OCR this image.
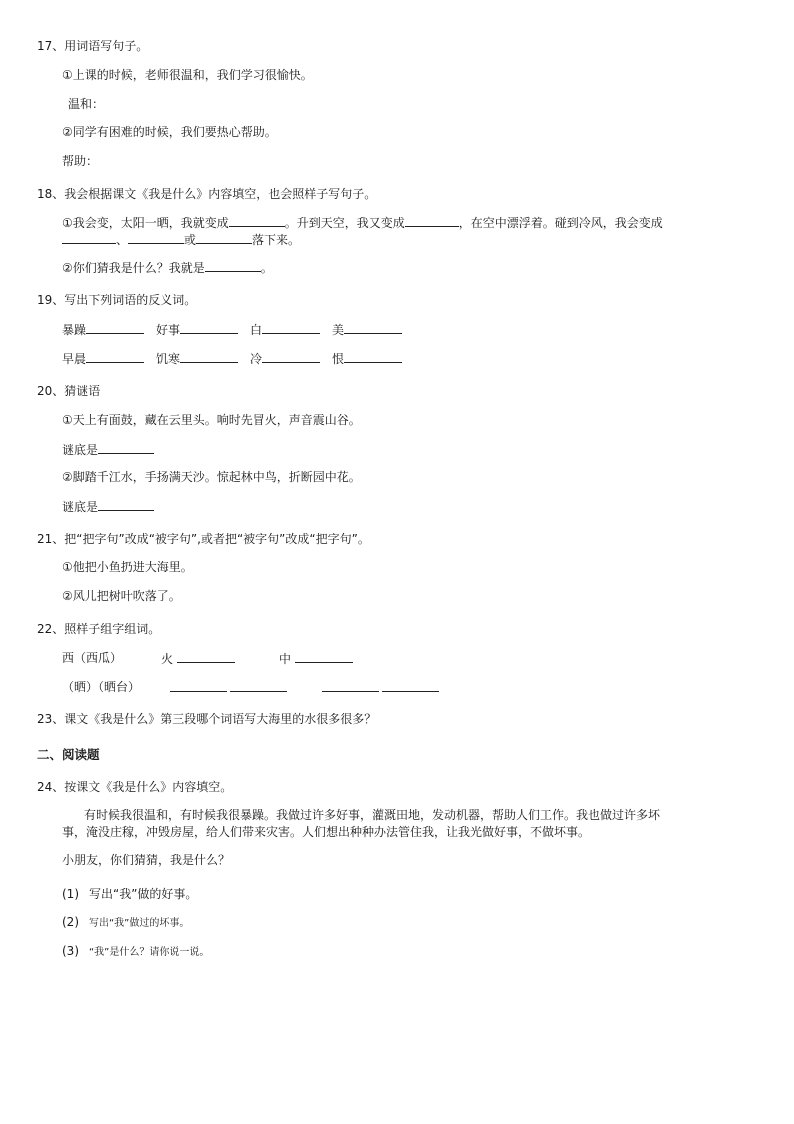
17、用词语写句子。
①上课的时候，老师很温和，我们学习很愉快。
温和：
②同学有困难的时候，我们要热心帮助。
帮助：
18、我会根据课文《我是什么》内容填空，也会照样子写句子。
①我会变，太阳一晒，我就变成	。升到天空，我又变成	，在空中漂浮着。碰到冷风，我会变成
、	或	落下来。
②你们猜我是什么？我就是	。
19、写出下列词语的反义词。
暴躁	好事	白	美
早晨	饥寒	冷	恨
20、猜谜语
①天上有面鼓，藏在云里头。响时先冒火，声音震山谷。
谜底是
②脚踏千江水，手扬满天沙。惊起林中鸟，折断园中花。
谜底是
21、把“把字句”改成“被字句”,或者把“被字句”改成“把字句”。
①他把小鱼扔进大海里。
②风儿把树叶吹落了。
22、照样子组字组词。
西（西瓜）	火	中
（晒）（晒台）
23、课文《我是什么》第三段哪个词语写大海里的水很多很多？
二、阅读题
24、按课文《我是什么》内容填空。
有时候我很温和，有时候我很暴躁。我做过许多好事，灌溉田地，发动机器，帮助人们工作。我也做过许多坏
事，淹没庄稼，冲毁房屋，给人们带来灾害。人们想出种种办法管住我，让我光做好事，不做坏事。
小朋友，你们猜猜，我是什么？
(1) 写出“我”做的好事。
(2) 写出“我”做过的坏事。
(3) “我”是什么？请你说一说。
